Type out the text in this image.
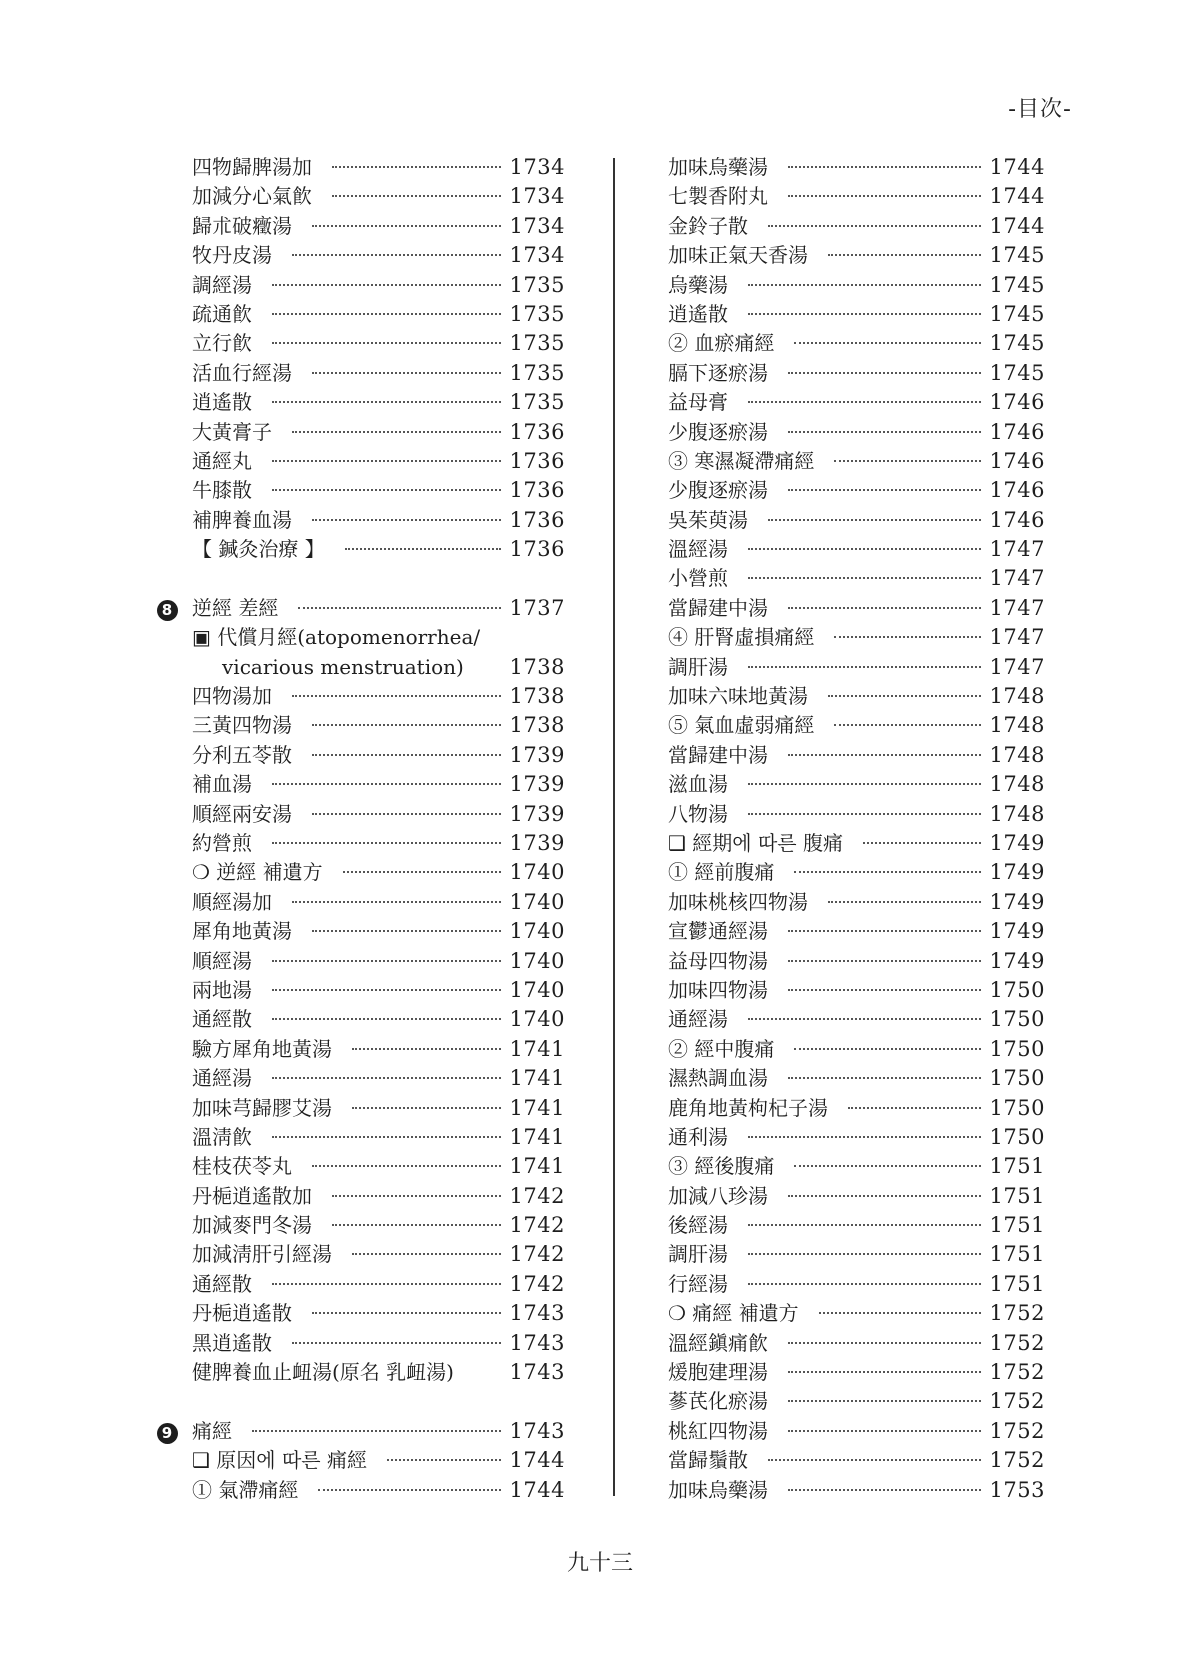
-目次-
四物歸脾湯加	1734
加減分心氣飮	1734
歸朮破癥湯	1734
牧丹皮湯	1734
調經湯	1735
疏通飮	1735
立行飮	1735
活血行經湯	1735
逍遙散	1735
大黃膏子	1736
通經丸	1736
牛膝散	1736
補脾養血湯	1736
【 鍼灸治療 】	1736
8 逆經 差經	1737
▣ 代償月經(atopomenorrhea/
vicarious menstruation)	1738
四物湯加	1738
三黃四物湯	1738
分利五苓散	1739
補血湯	1739
順經兩安湯	1739
約營煎	1739
❍ 逆經 補遺方	1740
順經湯加	1740
犀角地黃湯	1740
順經湯	1740
兩地湯	1740
通經散	1740
驗方犀角地黃湯	1741
通經湯	1741
加味芎歸膠艾湯	1741
溫淸飮	1741
桂枝茯苓丸	1741
丹梔逍遙散加	1742
加減麥門冬湯	1742
加減淸肝引經湯	1742
通經散	1742
丹梔逍遙散	1743
黑逍遙散	1743
健脾養血止衄湯(原名 乳衄湯)	1743
9 痛經	1743
❑ 原因에 따른 痛經	1744
① 氣滯痛經	1744
加味烏藥湯	1744
七製香附丸	1744
金鈴子散	1744
加味正氣天香湯	1745
烏藥湯	1745
逍遙散	1745
② 血瘀痛經	1745
膈下逐瘀湯	1745
益母膏	1746
少腹逐瘀湯	1746
③ 寒濕凝滯痛經	1746
少腹逐瘀湯	1746
吳茱萸湯	1746
溫經湯	1747
小營煎	1747
當歸建中湯	1747
④ 肝腎虛損痛經	1747
調肝湯	1747
加味六味地黃湯	1748
⑤ 氣血虛弱痛經	1748
當歸建中湯	1748
滋血湯	1748
八物湯	1748
❑ 經期에 따른 腹痛	1749
① 經前腹痛	1749
加味桃核四物湯	1749
宣鬱通經湯	1749
益母四物湯	1749
加味四物湯	1750
通經湯	1750
② 經中腹痛	1750
濕熱調血湯	1750
鹿角地黃枸杞子湯	1750
通利湯	1750
③ 經後腹痛	1751
加減八珍湯	1751
後經湯	1751
調肝湯	1751
行經湯	1751
❍ 痛經 補遺方	1752
溫經鎭痛飮	1752
煖胞建理湯	1752
蔘芪化瘀湯	1752
桃紅四物湯	1752
當歸鬚散	1752
加味烏藥湯	1753
九十三
